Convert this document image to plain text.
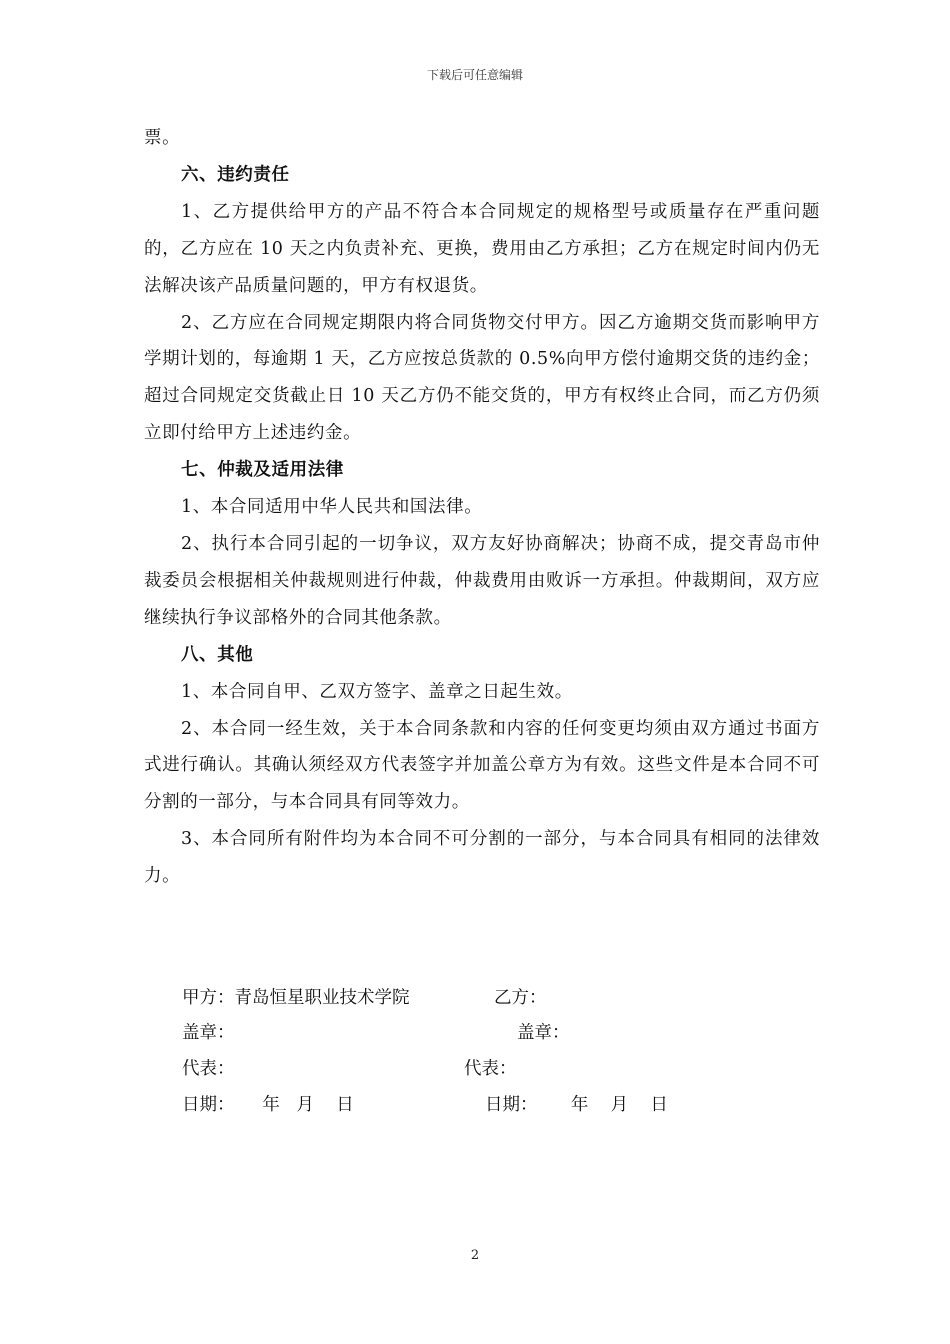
下载后可任意编辑

票。

六、违约责任

1、乙方提供给甲方的产品不符合本合同规定的规格型号或质量存在严重问题的，乙方应在 10 天之内负责补充、更换，费用由乙方承担；乙方在规定时间内仍无法解决该产品质量问题的，甲方有权退货。

2、乙方应在合同规定期限内将合同货物交付甲方。因乙方逾期交货而影响甲方学期计划的，每逾期 1 天，乙方应按总货款的 0.5%向甲方偿付逾期交货的违约金；超过合同规定交货截止日 10 天乙方仍不能交货的，甲方有权终止合同，而乙方仍须立即付给甲方上述违约金。

七、仲裁及适用法律

1、本合同适用中华人民共和国法律。

2、执行本合同引起的一切争议，双方友好协商解决；协商不成，提交青岛市仲裁委员会根据相关仲裁规则进行仲裁，仲裁费用由败诉一方承担。仲裁期间，双方应继续执行争议部格外的合同其他条款。

八、其他

1、本合同自甲、乙双方签字、盖章之日起生效。

2、本合同一经生效，关于本合同条款和内容的任何变更均须由双方通过书面方式进行确认。其确认须经双方代表签字并加盖公章方为有效。这些文件是本合同不可分割的一部分，与本合同具有同等效力。

3、本合同所有附件均为本合同不可分割的一部分，与本合同具有相同的法律效力。

甲方：青岛恒星职业技术学院	乙方：
盖章：	盖章：
代表：	代表：
日期：     年   月    日	日期：      年    月    日
2
